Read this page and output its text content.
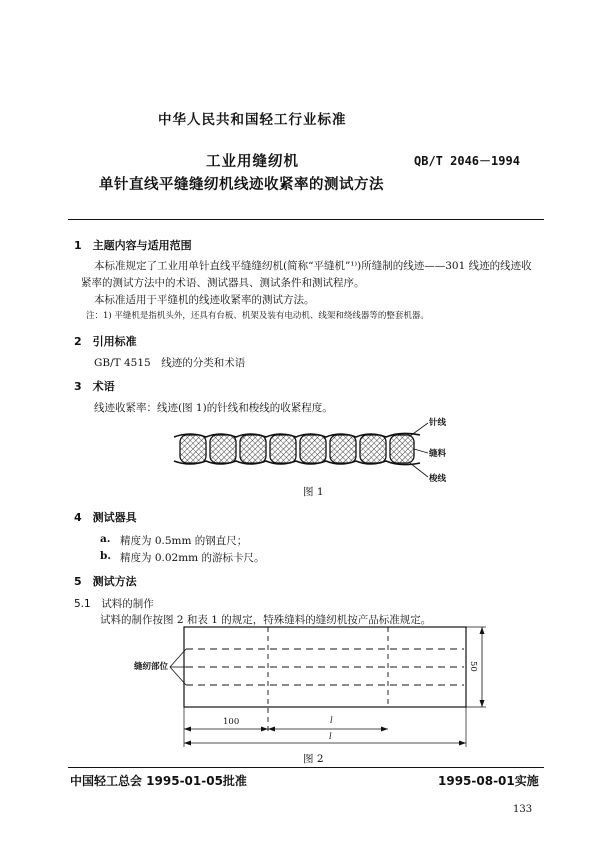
中华人民共和国轻工行业标准
工业用缝纫机	QB/T 2046－1994
单针直线平缝缝纫机线迹收紧率的测试方法
1　主题内容与适用范围
本标准规定了工业用单针直线平缝缝纫机(简称“平缝机”¹⁾)所缝制的线迹——301 线迹的线迹收
紧率的测试方法中的术语、测试器具、测试条件和测试程序。
本标准适用于平缝机的线迹收紧率的测试方法。
注：1) 平缝机是指机头外，还具有台板、机架及装有电动机、线架和绕线器等的整套机器。
2　引用标准
GB/T 4515　线迹的分类和术语
3　术语
线迹收紧率：线迹(图 1)的针线和梭线的收紧程度。
针线
缝料
梭线
图 1
4　测试器具
a. 精度为 0.5mm 的钢直尺；
b. 精度为 0.02mm 的游标卡尺。
5　测试方法
5.1　试料的制作
试料的制作按图 2 和表 1 的规定，特殊缝料的缝纫机按产品标准规定。
缝纫部位
100	l
l
50
图 2
中国轻工总会 1995-01-05批准	1995-08-01实施
133
